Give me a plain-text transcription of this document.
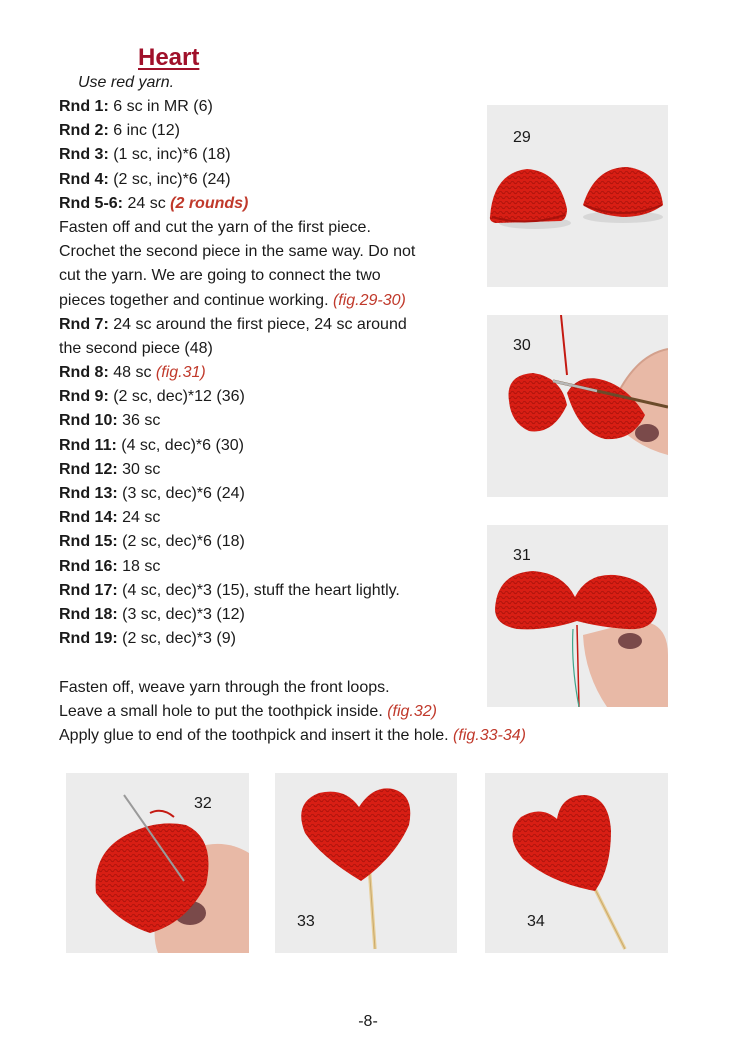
Heart
Use red yarn.
Rnd 1: 6 sc in MR (6)
Rnd 2: 6 inc (12)
Rnd 3: (1 sc, inc)*6 (18)
Rnd 4: (2 sc, inc)*6 (24)
Rnd 5-6: 24 sc (2 rounds)
Fasten off and cut the yarn of the first piece.
Crochet the second piece in the same way. Do not
cut the yarn. We are going to connect the two
pieces together and continue working. (fig.29-30)
Rnd 7: 24 sc around the first piece, 24 sc around
the second piece (48)
Rnd 8: 48 sc (fig.31)
Rnd 9: (2 sc, dec)*12 (36)
Rnd 10: 36 sc
Rnd 11: (4 sc, dec)*6 (30)
Rnd 12: 30 sc
Rnd 13: (3 sc, dec)*6 (24)
Rnd 14: 24 sc
Rnd 15: (2 sc, dec)*6 (18)
Rnd 16: 18 sc
Rnd 17: (4 sc, dec)*3 (15), stuff the heart lightly.
Rnd 18: (3 sc, dec)*3 (12)
Rnd 19: (2 sc, dec)*3 (9)
Fasten off, weave yarn through the front loops.
Leave a small hole to put the toothpick inside. (fig.32)
Apply glue to end of the toothpick and insert it the hole. (fig.33-34)
29
30
31
32
33	34
-8-
